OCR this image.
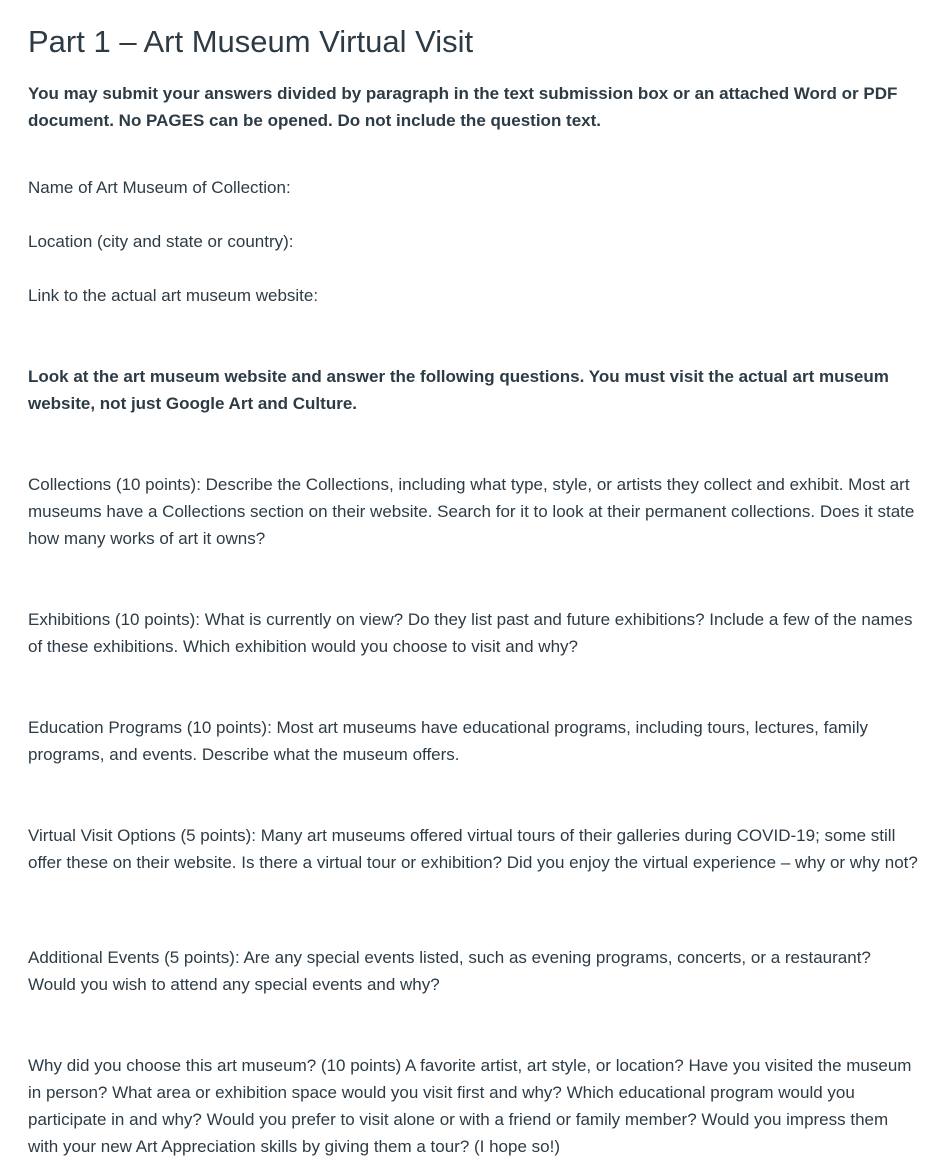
Part 1 – Art Museum Virtual Visit

You may submit your answers divided by paragraph in the text submission box or an attached Word or PDF document. No PAGES can be opened. Do not include the question text.

Name of Art Museum of Collection:

Location (city and state or country):

Link to the actual art museum website:

Look at the art museum website and answer the following questions. You must visit the actual art museum website, not just Google Art and Culture.

Collections (10 points): Describe the Collections, including what type, style, or artists they collect and exhibit. Most art museums have a Collections section on their website. Search for it to look at their permanent collections. Does it state how many works of art it owns?

Exhibitions (10 points): What is currently on view? Do they list past and future exhibitions? Include a few of the names of these exhibitions. Which exhibition would you choose to visit and why?

Education Programs (10 points): Most art museums have educational programs, including tours, lectures, family programs, and events. Describe what the museum offers.

Virtual Visit Options (5 points): Many art museums offered virtual tours of their galleries during COVID-19; some still offer these on their website. Is there a virtual tour or exhibition? Did you enjoy the virtual experience – why or why not?

Additional Events (5 points): Are any special events listed, such as evening programs, concerts, or a restaurant? Would you wish to attend any special events and why?

Why did you choose this art museum? (10 points) A favorite artist, art style, or location? Have you visited the museum in person? What area or exhibition space would you visit first and why? Which educational program would you participate in and why? Would you prefer to visit alone or with a friend or family member? Would you impress them with your new Art Appreciation skills by giving them a tour? (I hope so!)
